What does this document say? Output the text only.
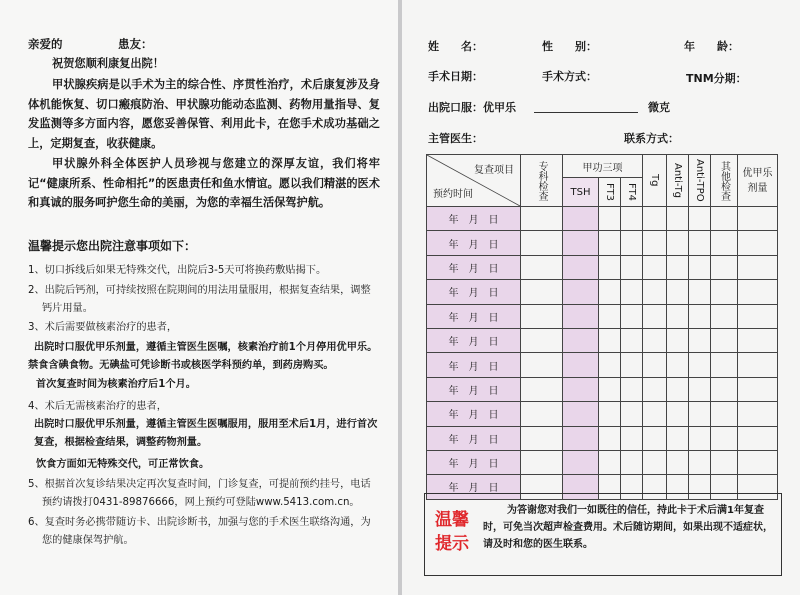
亲爱的	患友：
祝贺您顺利康复出院！
甲状腺疾病是以手术为主的综合性、序贯性治疗，术后康复涉及身体机能恢复、切口瘢痕防治、甲状腺功能动态监测、药物用量指导、复发监测等多方面内容，愿您妥善保管、利用此卡，在您手术成功基础之上，定期复查，收获健康。
甲状腺外科全体医护人员珍视与您建立的深厚友谊，我们将牢记“健康所系、性命相托”的医患责任和鱼水情谊。愿以我们精湛的医术和真诚的服务呵护您生命的美丽，为您的幸福生活保驾护航。
温馨提示您出院注意事项如下：
1、切口拆线后如果无特殊交代，出院后3-5天可将换药敷贴揭下。
2、出院后钙剂，可持续按照在院期间的用法用量服用，根据复查结果，调整钙片用量。
3、术后需要做核素治疗的患者，
出院时口服优甲乐剂量，遵循主管医生医嘱，核素治疗前1个月停用优甲乐。
禁食含碘食物。无碘盐可凭诊断书或核医学科预约单，到药房购买。
首次复查时间为核素治疗后1个月。
4、术后无需核素治疗的患者，
出院时口服优甲乐剂量，遵循主管医生医嘱服用，服用至术后1月，进行首次复查，根据检查结果，调整药物剂量。
饮食方面如无特殊交代，可正常饮食。
5、根据首次复诊结果决定再次复查时间，门诊复查，可提前预约挂号，电话预约请拨打0431-89876666，网上预约可登陆www.5413.com.cn。
6、复查时务必携带随访卡、出院诊断书，加强与您的手术医生联络沟通，为您的健康保驾护航。
姓　　名：	性　　别：	年　　龄：
手术日期：	手术方式：	TNM分期：
出院口服：优甲乐	微克
主管医生：	联系方式：
复查项目
预约时间	专科检查	甲功三项			Tg	Anti-Tg	Anti-TPO	其他检查	优甲乐剂量
		TSH	FT3	FT4					

年　月　日									
年　月　日									
年　月　日									
年　月　日									
年　月　日									
年　月　日									
年　月　日									
年　月　日									
年　月　日									
年　月　日									
年　月　日									
年　月　日									
温馨提示
为答谢您对我们一如既往的信任，持此卡于术后满1年复查时，可免当次超声检查费用。术后随访期间，如果出现不适症状，请及时和您的医生联系。
